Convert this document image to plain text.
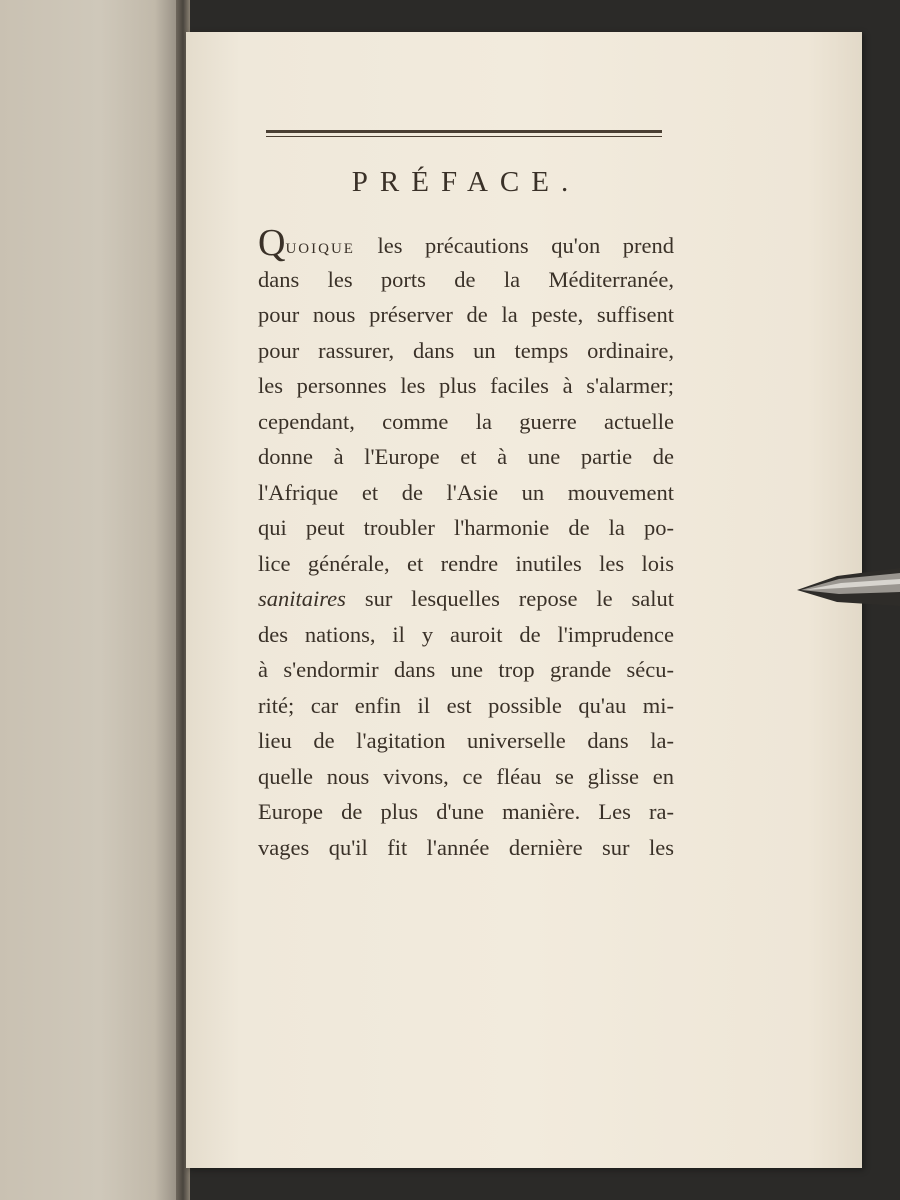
PRÉFACE.
QUOIQUE les précautions qu'on prend
dans les ports de la Méditerranée,
pour nous préserver de la peste, suffisent
pour rassurer, dans un temps ordinaire,
les personnes les plus faciles à s'alarmer;
cependant, comme la guerre actuelle
donne à l'Europe et à une partie de
l'Afrique et de l'Asie un mouvement
qui peut troubler l'harmonie de la po-
lice générale, et rendre inutiles les lois
sanitaires sur lesquelles repose le salut
des nations, il y auroit de l'imprudence
à s'endormir dans une trop grande sécu-
rité; car enfin il est possible qu'au mi-
lieu de l'agitation universelle dans la-
quelle nous vivons, ce fléau se glisse en
Europe de plus d'une manière. Les ra-
vages qu'il fit l'année dernière sur les
